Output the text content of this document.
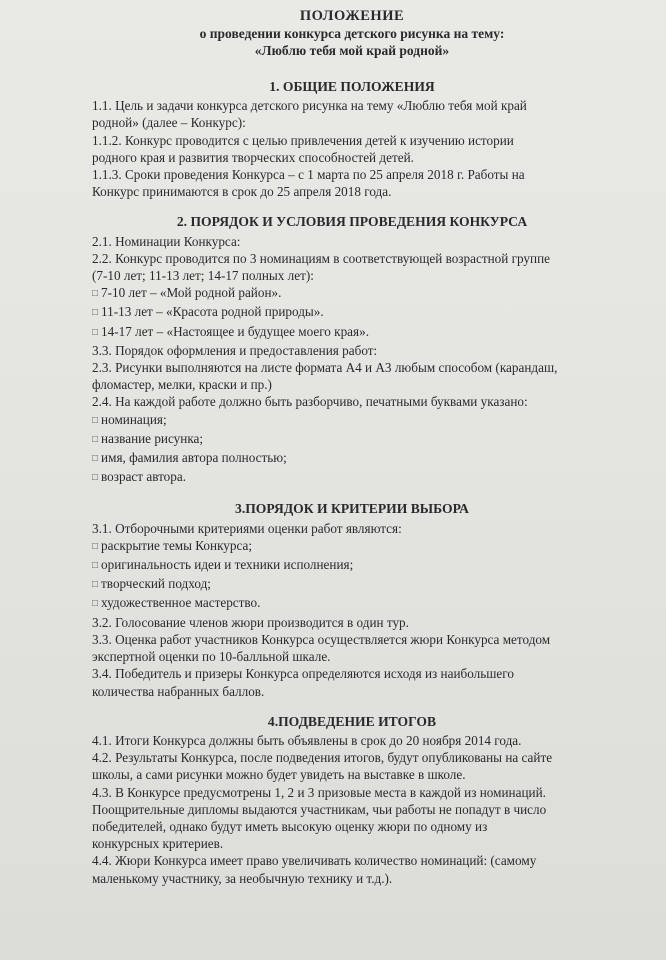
ПОЛОЖЕНИЕ
о проведении конкурса детского рисунка на тему:
«Люблю тебя мой край родной»
1. ОБЩИЕ ПОЛОЖЕНИЯ
1.1. Цель и задачи конкурса детского рисунка на тему «Люблю тебя мой край
родной» (далее – Конкурс):
1.1.2. Конкурс проводится с целью привлечения детей к изучению истории
родного края и развития творческих способностей детей.
1.1.3. Сроки проведения Конкурса – с 1 марта по 25 апреля 2018 г. Работы на
Конкурс принимаются в срок до 25 апреля 2018 года.
2. ПОРЯДОК И УСЛОВИЯ ПРОВЕДЕНИЯ КОНКУРСА
2.1. Номинации Конкурса:
2.2. Конкурс проводится по 3 номинациям в соответствующей возрастной группе
(7-10 лет; 11-13 лет; 14-17 полных лет):
□ 7-10 лет – «Мой родной район».
□ 11-13 лет – «Красота родной природы».
□ 14-17 лет – «Настоящее и будущее моего края».
3.3. Порядок оформления и предоставления работ:
2.3. Рисунки выполняются на листе формата А4 и А3 любым способом (карандаш,
фломастер, мелки, краски и пр.)
2.4. На каждой работе должно быть разборчиво, печатными буквами указано:
□ номинация;
□ название рисунка;
□ имя, фамилия автора полностью;
□ возраст автора.
3.ПОРЯДОК И КРИТЕРИИ ВЫБОРА
3.1. Отборочными критериями оценки работ являются:
□ раскрытие темы Конкурса;
□ оригинальность идеи и техники исполнения;
□ творческий подход;
□ художественное мастерство.
3.2. Голосование членов жюри производится в один тур.
3.3. Оценка работ участников Конкурса осуществляется жюри Конкурса методом
экспертной оценки по 10-балльной шкале.
3.4. Победитель и призеры Конкурса определяются исходя из наибольшего
количества набранных баллов.
4.ПОДВЕДЕНИЕ ИТОГОВ
4.1. Итоги Конкурса должны быть объявлены в срок до 20 ноября 2014 года.
4.2. Результаты Конкурса, после подведения итогов, будут опубликованы на сайте
школы, а сами рисунки можно будет увидеть на выставке в школе.
4.3. В Конкурсе предусмотрены 1, 2 и 3 призовые места в каждой из номинаций.
Поощрительные дипломы выдаются участникам, чьи работы не попадут в число
победителей, однако будут иметь высокую оценку жюри по одному из
конкурсных критериев.
4.4. Жюри Конкурса имеет право увеличивать количество номинаций: (самому
маленькому участнику, за необычную технику и т.д.).
